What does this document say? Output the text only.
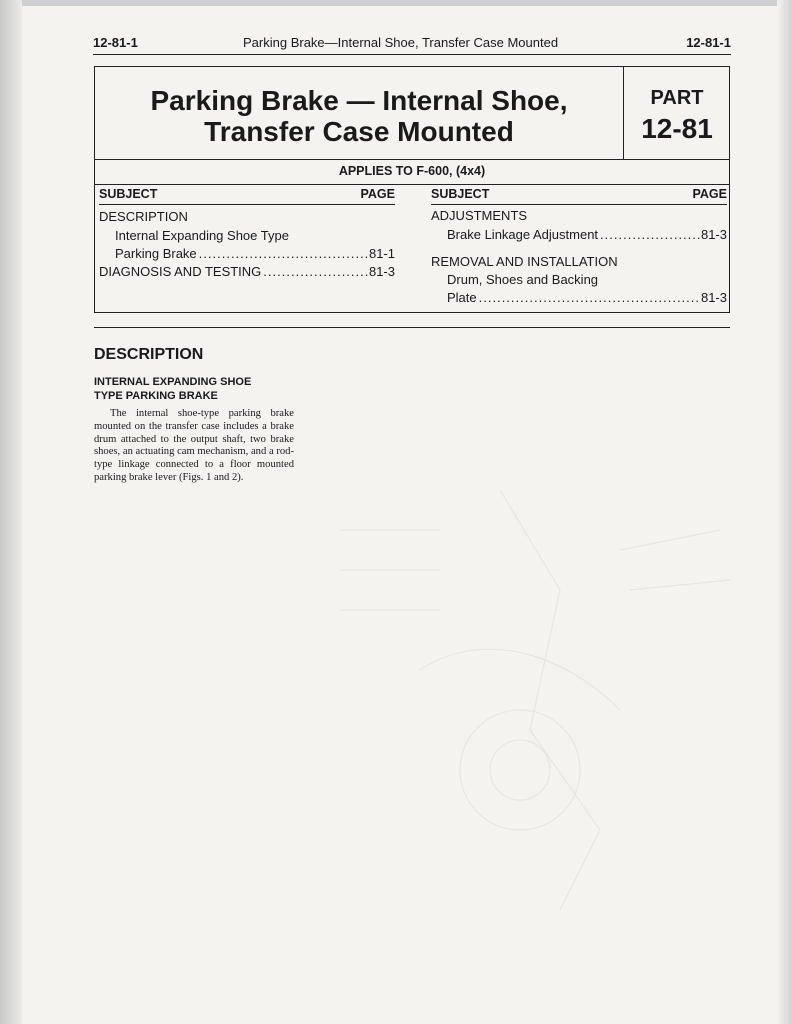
12-81-1	Parking Brake—Internal Shoe, Transfer Case Mounted	12-81-1
Parking Brake — Internal Shoe,
Transfer Case Mounted
PART
12-81
APPLIES TO F-600, (4x4)
SUBJECT	PAGE
DESCRIPTION
Internal Expanding Shoe Type
Parking Brake .....	81-1
DIAGNOSIS AND TESTING .....	81-3
SUBJECT	PAGE
ADJUSTMENTS
Brake Linkage Adjustment .....	81-3
REMOVAL AND INSTALLATION
Drum, Shoes and Backing
Plate .....	81-3
DESCRIPTION
INTERNAL EXPANDING SHOE
TYPE PARKING BRAKE
The internal shoe-type parking brake mounted on the transfer case includes a brake drum attached to the output shaft, two brake shoes, an actuating cam mechanism, and a rod-type linkage connected to a floor mounted parking brake lever (Figs. 1 and 2).
